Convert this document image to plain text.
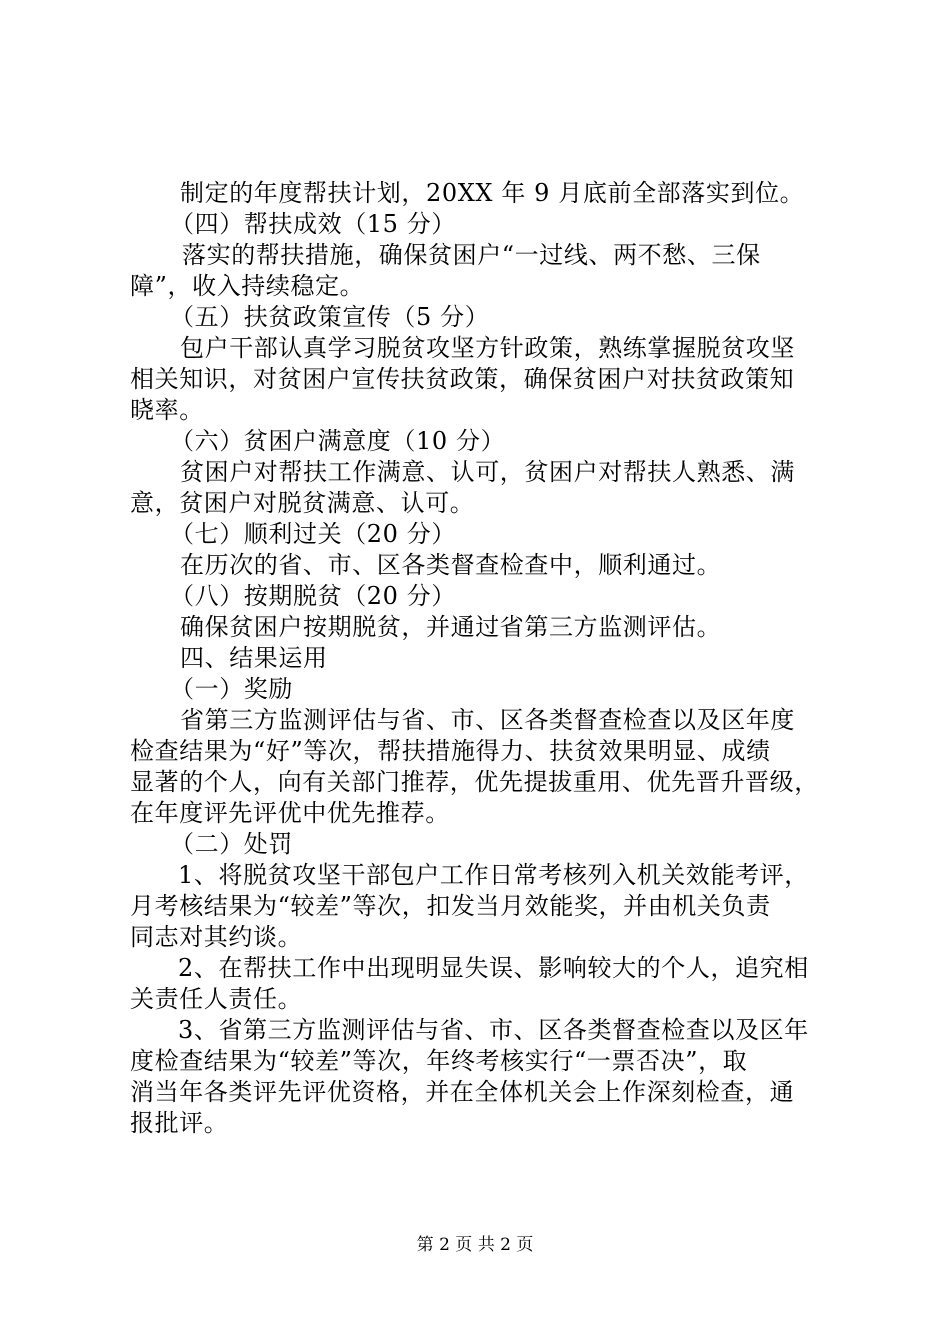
制定的年度帮扶计划，20XX 年 9 月底前全部落实到位。
（四）帮扶成效（15 分）
落实的帮扶措施，确保贫困户“一过线、两不愁、三保
障”，收入持续稳定。
（五）扶贫政策宣传（5 分）
包户干部认真学习脱贫攻坚方针政策，熟练掌握脱贫攻坚
相关知识，对贫困户宣传扶贫政策，确保贫困户对扶贫政策知
晓率。
（六）贫困户满意度（10 分）
贫困户对帮扶工作满意、认可，贫困户对帮扶人熟悉、满
意，贫困户对脱贫满意、认可。
（七）顺利过关（20 分）
在历次的省、市、区各类督查检查中，顺利通过。
（八）按期脱贫（20 分）
确保贫困户按期脱贫，并通过省第三方监测评估。
四、结果运用
（一）奖励
省第三方监测评估与省、市、区各类督查检查以及区年度
检查结果为“好”等次，帮扶措施得力、扶贫效果明显、成绩
显著的个人，向有关部门推荐，优先提拔重用、优先晋升晋级，
在年度评先评优中优先推荐。
（二）处罚
1、将脱贫攻坚干部包户工作日常考核列入机关效能考评，
月考核结果为“较差”等次，扣发当月效能奖，并由机关负责
同志对其约谈。
2、在帮扶工作中出现明显失误、影响较大的个人，追究相
关责任人责任。
3、省第三方监测评估与省、市、区各类督查检查以及区年
度检查结果为“较差”等次，年终考核实行“一票否决”，取
消当年各类评先评优资格，并在全体机关会上作深刻检查，通
报批评。
第 2 页 共 2 页
